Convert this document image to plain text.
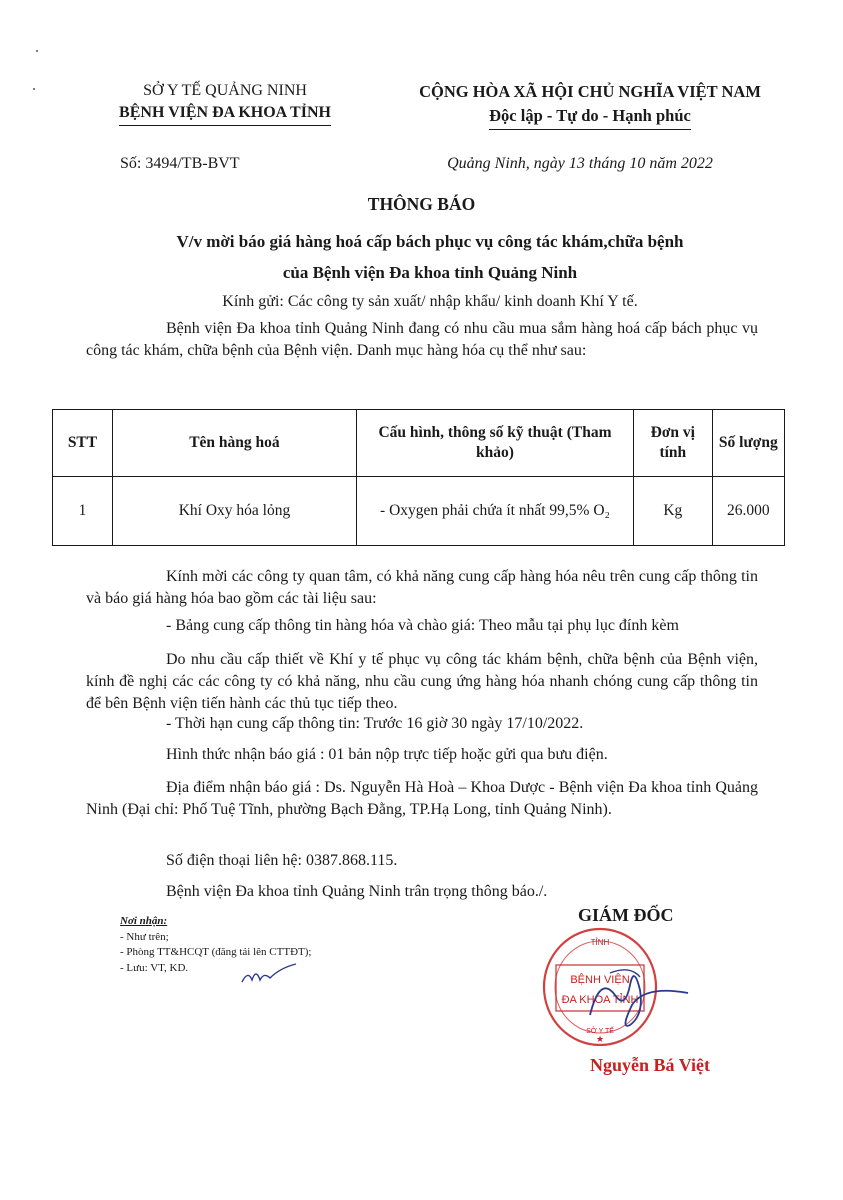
SỞ Y TẾ QUẢNG NINH
BỆNH VIỆN ĐA KHOA TỈNH
CỘNG HÒA XÃ HỘI CHỦ NGHĨA VIỆT NAM
Độc lập - Tự do - Hạnh phúc
Số: 3494/TB-BVT	Quảng Ninh, ngày 13 tháng 10 năm 2022
THÔNG BÁO
V/v mời báo giá hàng hoá cấp bách phục vụ công tác khám,chữa bệnh
của Bệnh viện Đa khoa tỉnh Quảng Ninh
Kính gửi: Các công ty sản xuất/ nhập khẩu/ kinh doanh Khí Y tế.
Bệnh viện Đa khoa tỉnh Quảng Ninh đang có nhu cầu mua sắm hàng hoá cấp bách phục vụ công tác khám, chữa bệnh của Bệnh viện. Danh mục hàng hóa cụ thể như sau:
STT	Tên hàng hoá	Cấu hình, thông số kỹ thuật (Tham khảo)	Đơn vị tính	Số lượng
1	Khí Oxy hóa lỏng	- Oxygen phải chứa ít nhất 99,5% O₂	Kg	26.000
Kính mời các công ty quan tâm, có khả năng cung cấp hàng hóa nêu trên cung cấp thông tin và báo giá hàng hóa bao gồm các tài liệu sau:
- Bảng cung cấp thông tin hàng hóa và chào giá: Theo mẫu tại phụ lục đính kèm
Do nhu cầu cấp thiết về Khí y tế phục vụ công tác khám bệnh, chữa bệnh của Bệnh viện, kính đề nghị các các công ty có khả năng, nhu cầu cung ứng hàng hóa nhanh chóng cung cấp thông tin để bên Bệnh viện tiến hành các thủ tục tiếp theo.
- Thời hạn cung cấp thông tin: Trước 16 giờ 30 ngày 17/10/2022.
Hình thức nhận báo giá : 01 bản nộp trực tiếp hoặc gửi qua bưu điện.
Địa điểm nhận báo giá : Ds. Nguyễn Hà Hoà – Khoa Dược - Bệnh viện Đa khoa tỉnh Quảng Ninh (Đại chỉ: Phố Tuệ Tĩnh, phường Bạch Đằng, TP.Hạ Long, tỉnh Quảng Ninh).
Số điện thoại liên hệ: 0387.868.115.
Bệnh viện Đa khoa tỉnh Quảng Ninh trân trọng thông báo./.
Nơi nhận:
- Như trên;
- Phòng TT&HCQT (đăng tải lên CTTĐT);
- Lưu: VT, KD.
GIÁM ĐỐC
TỈNH
BỆNH VIỆN
ĐA KHOA TỈNH
SỞ Y TẾ
★
Nguyễn Bá Việt
